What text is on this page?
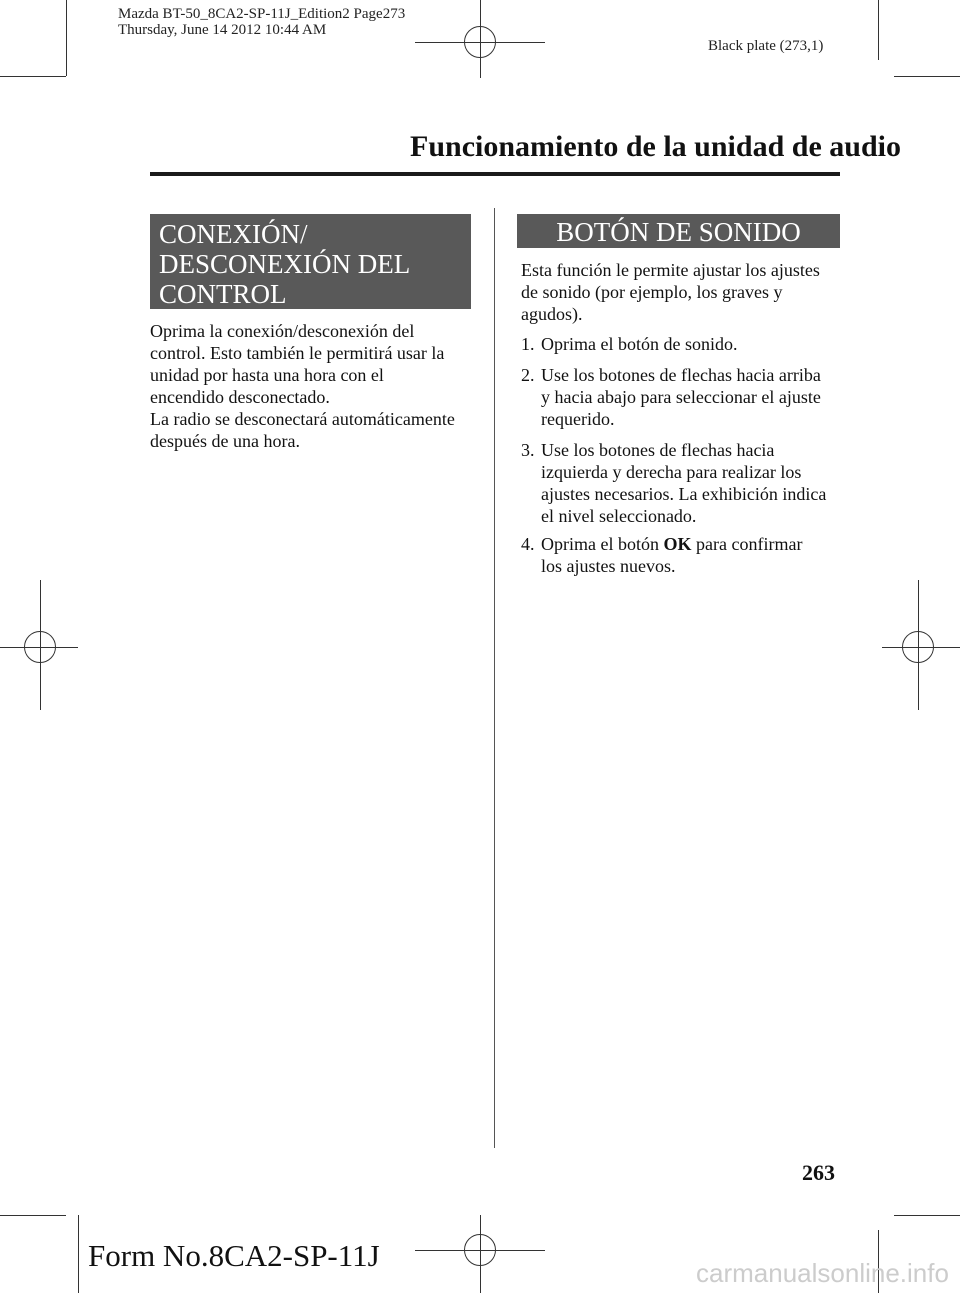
Mazda BT-50_8CA2-SP-11J_Edition2 Page273
Thursday, June 14 2012 10:44 AM
Black plate (273,1)
Funcionamiento de la unidad de audio
CONEXIÓN/
DESCONEXIÓN DEL
CONTROL
Oprima la conexión/desconexión del
control. Esto también le permitirá usar la
unidad por hasta una hora con el
encendido desconectado.
La radio se desconectará automáticamente
después de una hora.
BOTÓN DE SONIDO
Esta función le permite ajustar los ajustes
de sonido (por ejemplo, los graves y
agudos).
1. Oprima el botón de sonido.
2. Use los botones de flechas hacia arriba
y hacia abajo para seleccionar el ajuste
requerido.
3. Use los botones de flechas hacia
izquierda y derecha para realizar los
ajustes necesarios. La exhibición indica
el nivel seleccionado.
4. Oprima el botón OK para confirmar
los ajustes nuevos.
263
Form No.8CA2-SP-11J	carmanualsonline.info
